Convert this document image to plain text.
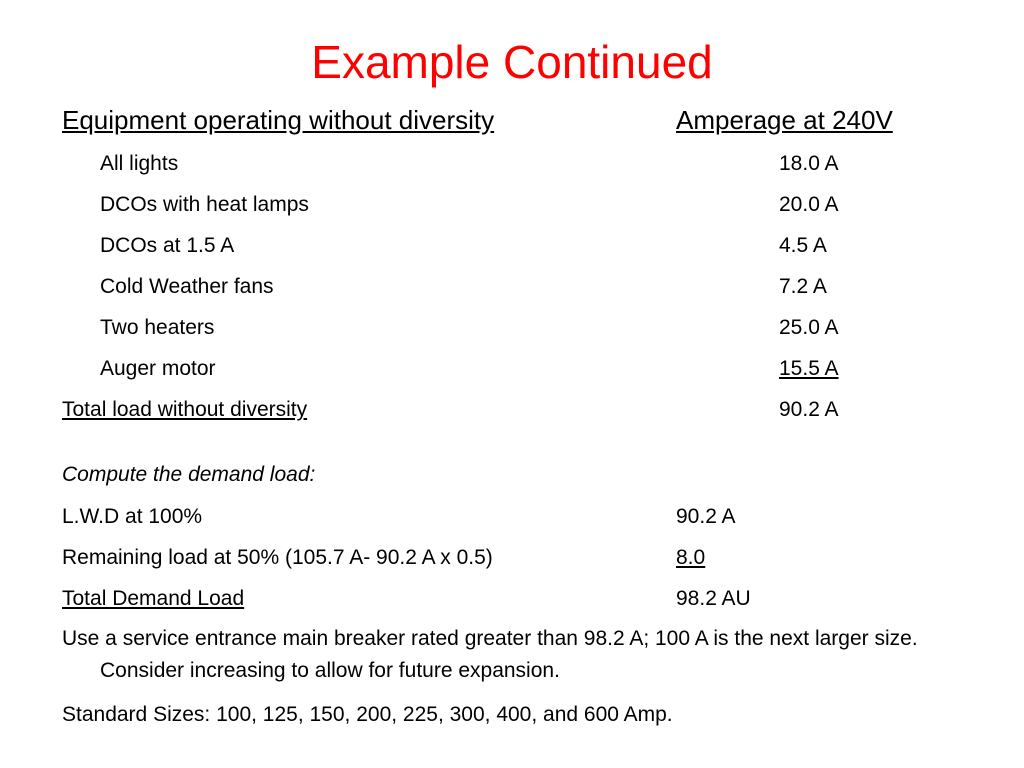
Example Continued
Equipment operating without diversity	Amperage at 240V
All lights	18.0 A
DCOs with heat lamps	20.0 A
DCOs at 1.5 A	4.5 A
Cold Weather fans	7.2 A
Two heaters	25.0 A
Auger motor	15.5 A
Total load without diversity	90.2 A
Compute the demand load:
L.W.D at 100%	90.2 A
Remaining load at 50% (105.7 A- 90.2 A x 0.5)	8.0
Total Demand Load	98.2 AU
Use a service entrance main breaker rated greater than 98.2 A; 100 A is the next larger size. Consider increasing to allow for future expansion.
Standard Sizes: 100, 125, 150, 200, 225, 300, 400, and 600 Amp.
